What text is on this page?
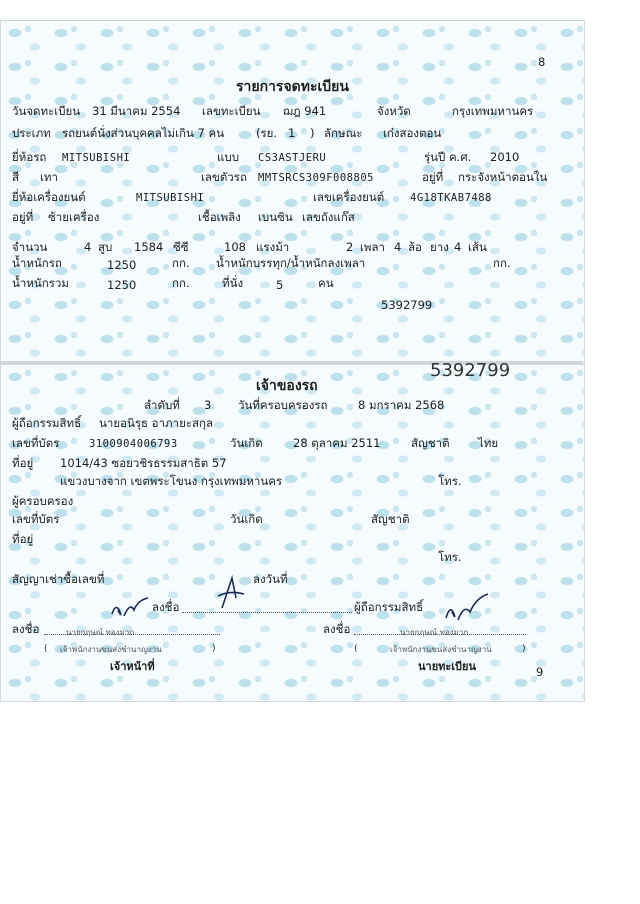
8
รายการจดทะเบียน
วันจดทะเบียน 31 มีนาคม 2554 เลขทะเบียน ฌฎ 941	จังหวัด	กรุงเทพมหานคร
ประเภท รถยนต์นั่งส่วนบุคคลไม่เกิน 7 คน	(รย. 1 ) ลักษณะ เก๋งสองตอน
ยี่ห้อรถ MITSUBISHI	แบบ CS3ASTJERU	รุ่นปี ค.ศ. 2010
สี เทา	เลขตัวรถ MMTSRCS309F008805	อยู่ที่ กระจังหน้าตอนใน
ยี่ห้อเครื่องยนต์	MITSUBISHI	เลขเครื่องยนต์ 4G18TKAB7488
อยู่ที่ ซ้ายเครื่อง	เชื้อเพลิง เบนซิน เลขถังแก๊ส
จำนวน	4 สูบ 1584 ซีซี	108 แรงม้า	2 เพลา 4 ล้อ ยาง 4 เส้น
น้ำหนักรถ	1250	กก. น้ำหนักบรรทุก/น้ำหนักลงเพลา	กก.
น้ำหนักรวม	1250	กก.	ที่นั่ง	5	คน
5392799
เจ้าของรถ
ลำดับที่ 3 วันที่ครอบครองรถ	8 มกราคม 2568
ผู้ถือกรรมสิทธิ์ นายอนิรุธ อาภายะสกุล
เลขที่บัตร	3100904006793	วันเกิด	28 ตุลาคม 2511	สัญชาติ ไทย
ที่อยู่ 1014/43 ซอยวชิรธรรมสาธิต 57
แขวงบางจาก เขตพระโขนง กรุงเทพมหานคร	โทร.
ผู้ครอบครอง
เลขที่บัตร	วันเกิด	สัญชาติ
ที่อยู่
โทร.
สัญญาเช่าซื้อเลขที่	ลงวันที่
ลงชื่อ	ผู้ถือกรรมสิทธิ์
ลงชื่อ	ลงชื่อ
นายกฤษณ์ ทองมาก	นายกฤษณ์ ทองมาก
( เจ้าพนักงานขนส่งชำนาญงาน	)	(	เจ้าพนักงานขนส่งชำนาญงาน	)
เจ้าหน้าที่	นายทะเบียน	9
